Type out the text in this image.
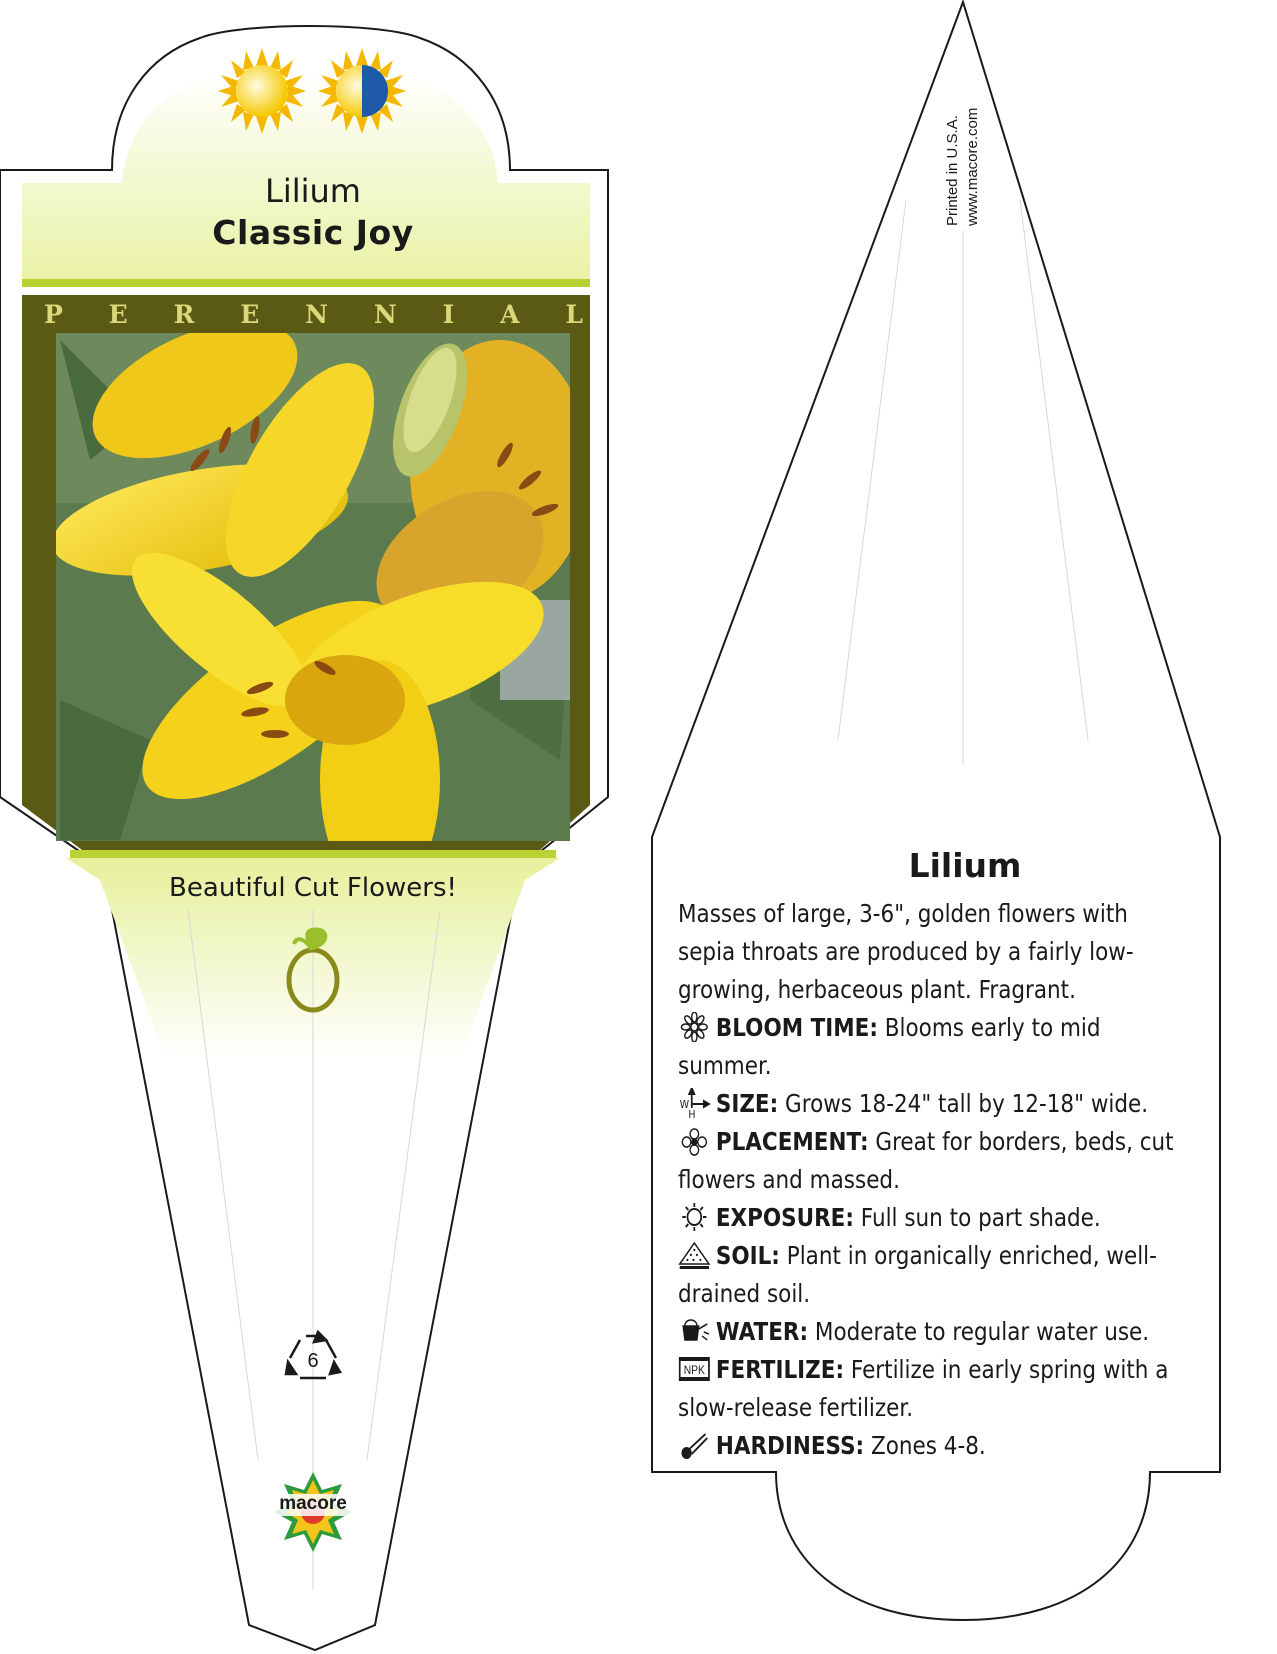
Lilium
Classic Joy
P E R E N N I A L
Beautiful Cut Flowers!
6
macore
Printed in U.S.A. www.macore.com
Lilium

Masses of large, 3-6", golden flowers with sepia throats are produced by a fairly low-growing, herbaceous plant. Fragrant.

BLOOM TIME: Blooms early to mid summer.

W
H SIZE: Grows 18-24" tall by 12-18" wide.

PLACEMENT: Great for borders, beds, cut flowers and massed.

EXPOSURE: Full sun to part shade.

SOIL: Plant in organically enriched, well-drained soil.

WATER: Moderate to regular water use.

NPK FERTILIZE: Fertilize in early spring with a slow-release fertilizer.

HARDINESS: Zones 4-8.
